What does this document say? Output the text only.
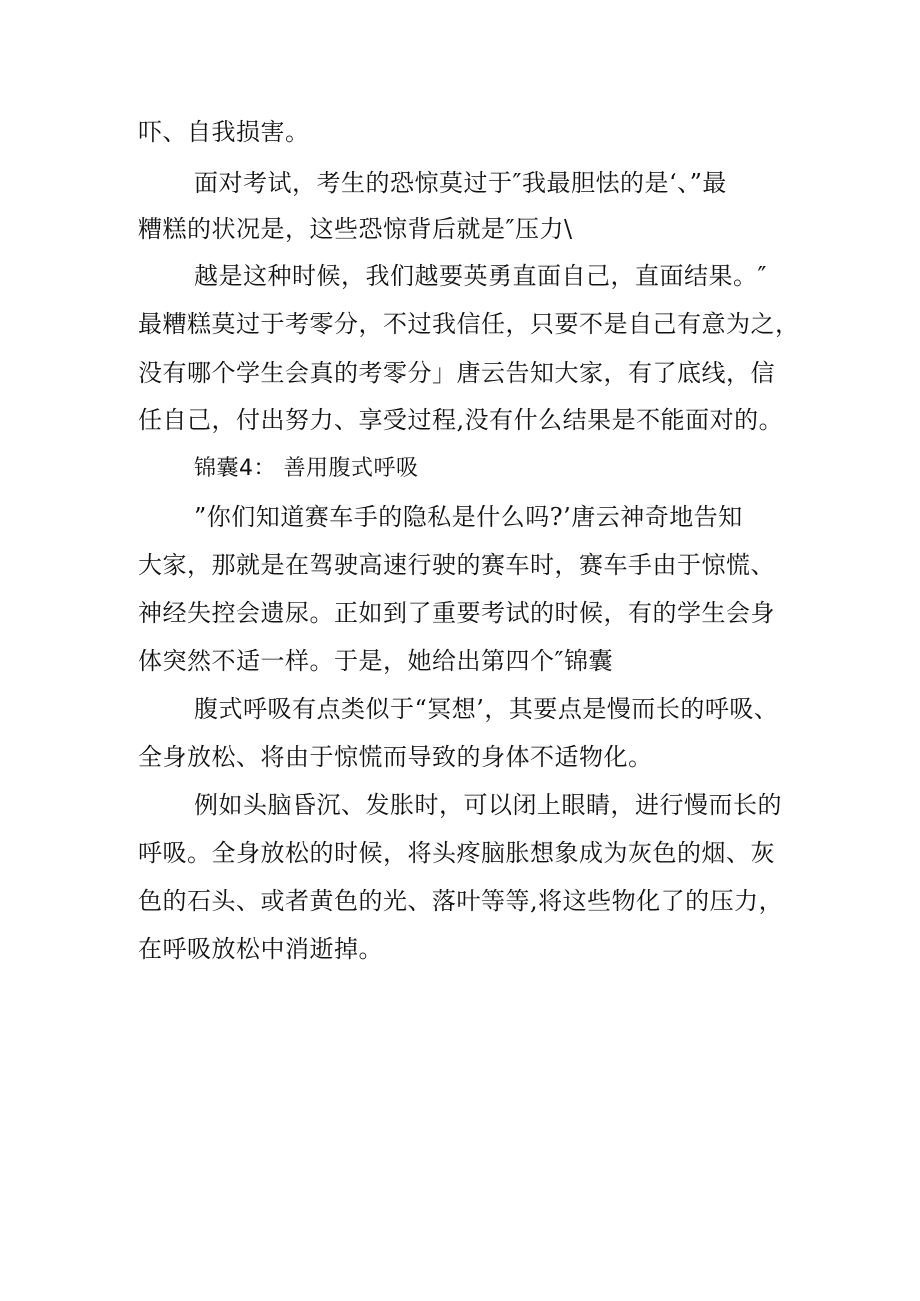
吓、自我损害。
面对考试，考生的恐惊莫过于″我最胆怯的是‘、”最
糟糕的状况是，这些恐惊背后就是″压力\
越是这种时候，我们越要英勇直面自己，直面结果。″
最糟糕莫过于考零分，不过我信任，只要不是自己有意为之，
没有哪个学生会真的考零分」唐云告知大家，有了底线，信
任自己，付出努力、享受过程,没有什么结果是不能面对的。
锦囊4： 善用腹式呼吸
”你们知道赛车手的隐私是什么吗?’唐云神奇地告知
大家，那就是在驾驶高速行驶的赛车时，赛车手由于惊慌、
神经失控会遗尿。正如到了重要考试的时候，有的学生会身
体突然不适一样。于是，她给出第四个″锦囊
腹式呼吸有点类似于“冥想’，其要点是慢而长的呼吸、
全身放松、将由于惊慌而导致的身体不适物化。
例如头脑昏沉、发胀时，可以闭上眼睛，进行慢而长的
呼吸。全身放松的时候，将头疼脑胀想象成为灰色的烟、灰
色的石头、或者黄色的光、落叶等等,将这些物化了的压力，
在呼吸放松中消逝掉。
